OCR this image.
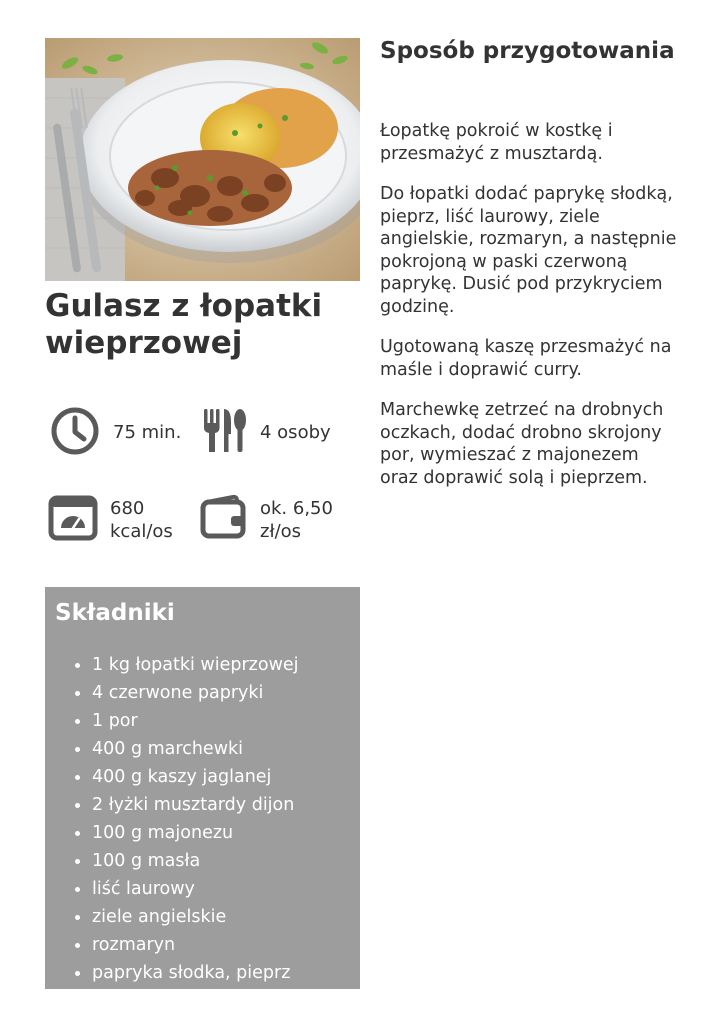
Gulasz z łopatki wieprzowej
75 min.	4 osoby
680 kcal/os
ok. 6,50 zł/os
Składniki
1 kg łopatki wieprzowej
4 czerwone papryki
1 por
400 g marchewki
400 g kaszy jaglanej
2 łyżki musztardy dijon
100 g majonezu
100 g masła
liść laurowy
ziele angielskie
rozmaryn
papryka słodka, pieprz
Sposób przygotowania

Łopatkę pokroić w kostkę i przesmażyć z musztardą.

Do łopatki dodać paprykę słodką, pieprz, liść laurowy, ziele angielskie, rozmaryn, a następnie pokrojoną w paski czerwoną paprykę. Dusić pod przykryciem godzinę.

Ugotowaną kaszę przesmażyć na maśle i doprawić curry.

Marchewkę zetrzeć na drobnych oczkach, dodać drobno skrojony por, wymieszać z majonezem oraz doprawić solą i pieprzem.
